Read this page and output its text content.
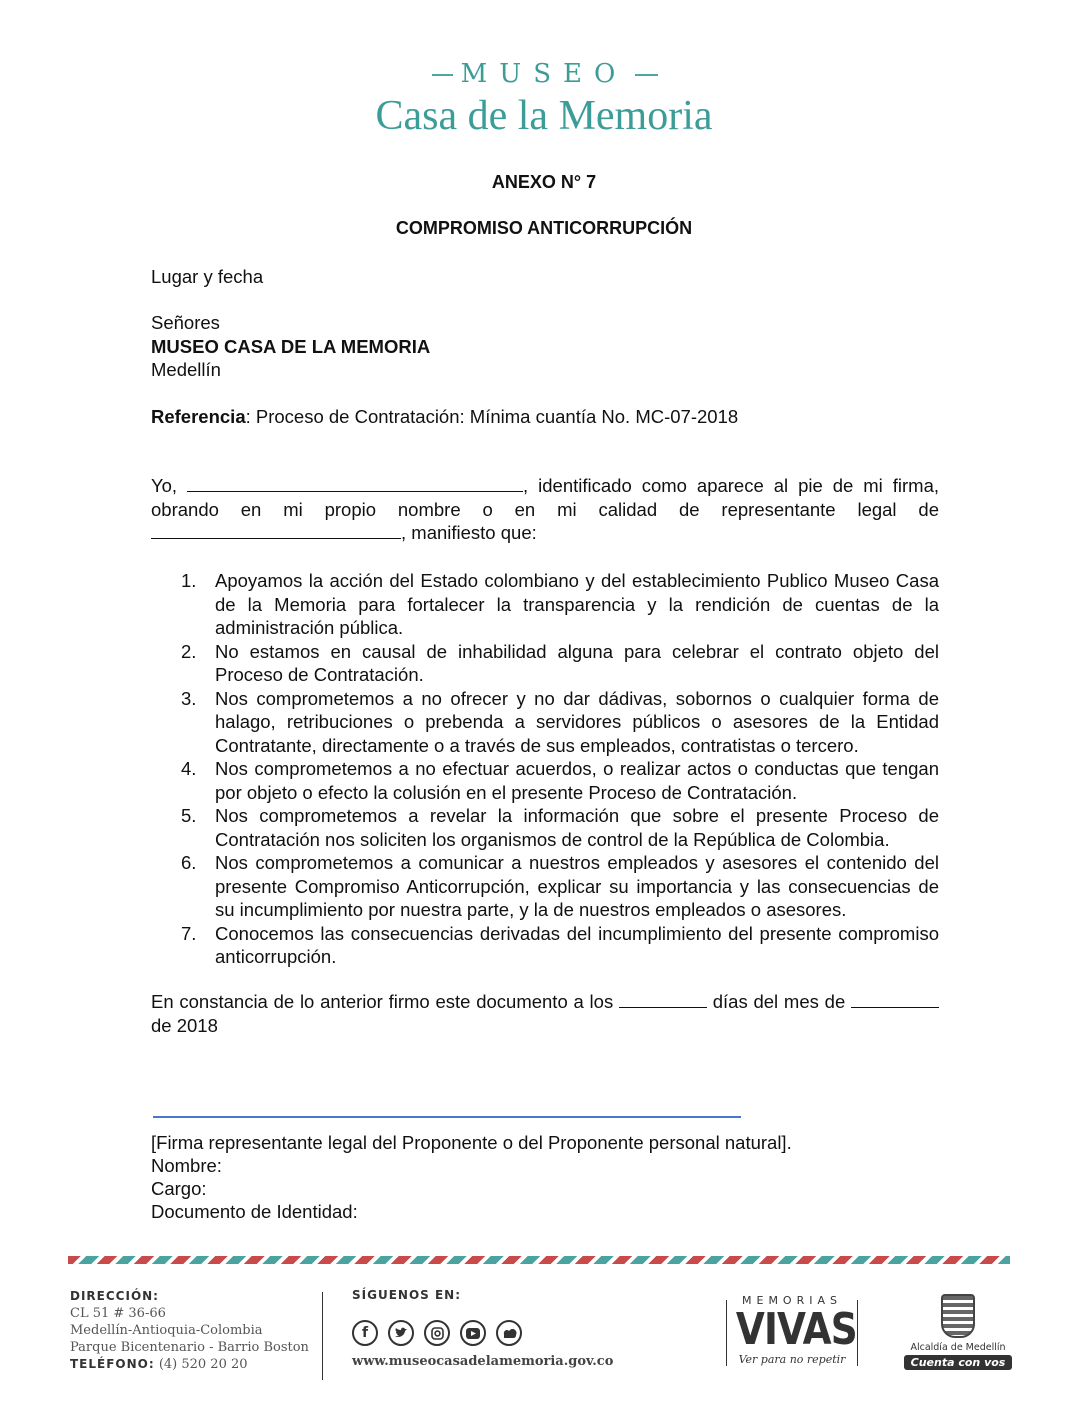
MUSEO
Casa de la Memoria
ANEXO N° 7
COMPROMISO ANTICORRUPCIÓN
Lugar y fecha
Señores
MUSEO CASA DE LA MEMORIA
Medellín
Referencia: Proceso de Contratación: Mínima cuantía No. MC-07-2018
Yo,	, identificado como aparece al pie de mi firma, obrando en mi propio nombre o en mi calidad de representante legal de , manifiesto que:
1. Apoyamos la acción del Estado colombiano y del establecimiento Publico Museo Casa de la Memoria para fortalecer la transparencia y la rendición de cuentas de la administración pública.
2. No estamos en causal de inhabilidad alguna para celebrar el contrato objeto del Proceso de Contratación.
3. Nos comprometemos a no ofrecer y no dar dádivas, sobornos o cualquier forma de halago, retribuciones o prebenda a servidores públicos o asesores de la Entidad Contratante, directamente o a través de sus empleados, contratistas o tercero.
4. Nos comprometemos a no efectuar acuerdos, o realizar actos o conductas que tengan por objeto o efecto la colusión en el presente Proceso de Contratación.
5. Nos comprometemos a revelar la información que sobre el presente Proceso de Contratación nos soliciten los organismos de control de la República de Colombia.
6. Nos comprometemos a comunicar a nuestros empleados y asesores el contenido del presente Compromiso Anticorrupción, explicar su importancia y las consecuencias de su incumplimiento por nuestra parte, y la de nuestros empleados o asesores.
7. Conocemos las consecuencias derivadas del incumplimiento del presente compromiso anticorrupción.
En constancia de lo anterior firmo este documento a los	días del mes de  de 2018
[Firma representante legal del Proponente o del Proponente personal natural].
Nombre:
Cargo:
Documento de Identidad:
DIRECCIÓN:
CL 51 # 36-66
Medellín-Antioquia-Colombia
Parque Bicentenario - Barrio Boston
TELÉFONO: (4) 520 20 20
SÍGUENOS EN:
f
www.museocasadelamemoria.gov.co
MEMORIAS
VIVAS
Ver para no repetir
Alcaldía de Medellín
Cuenta con vos
